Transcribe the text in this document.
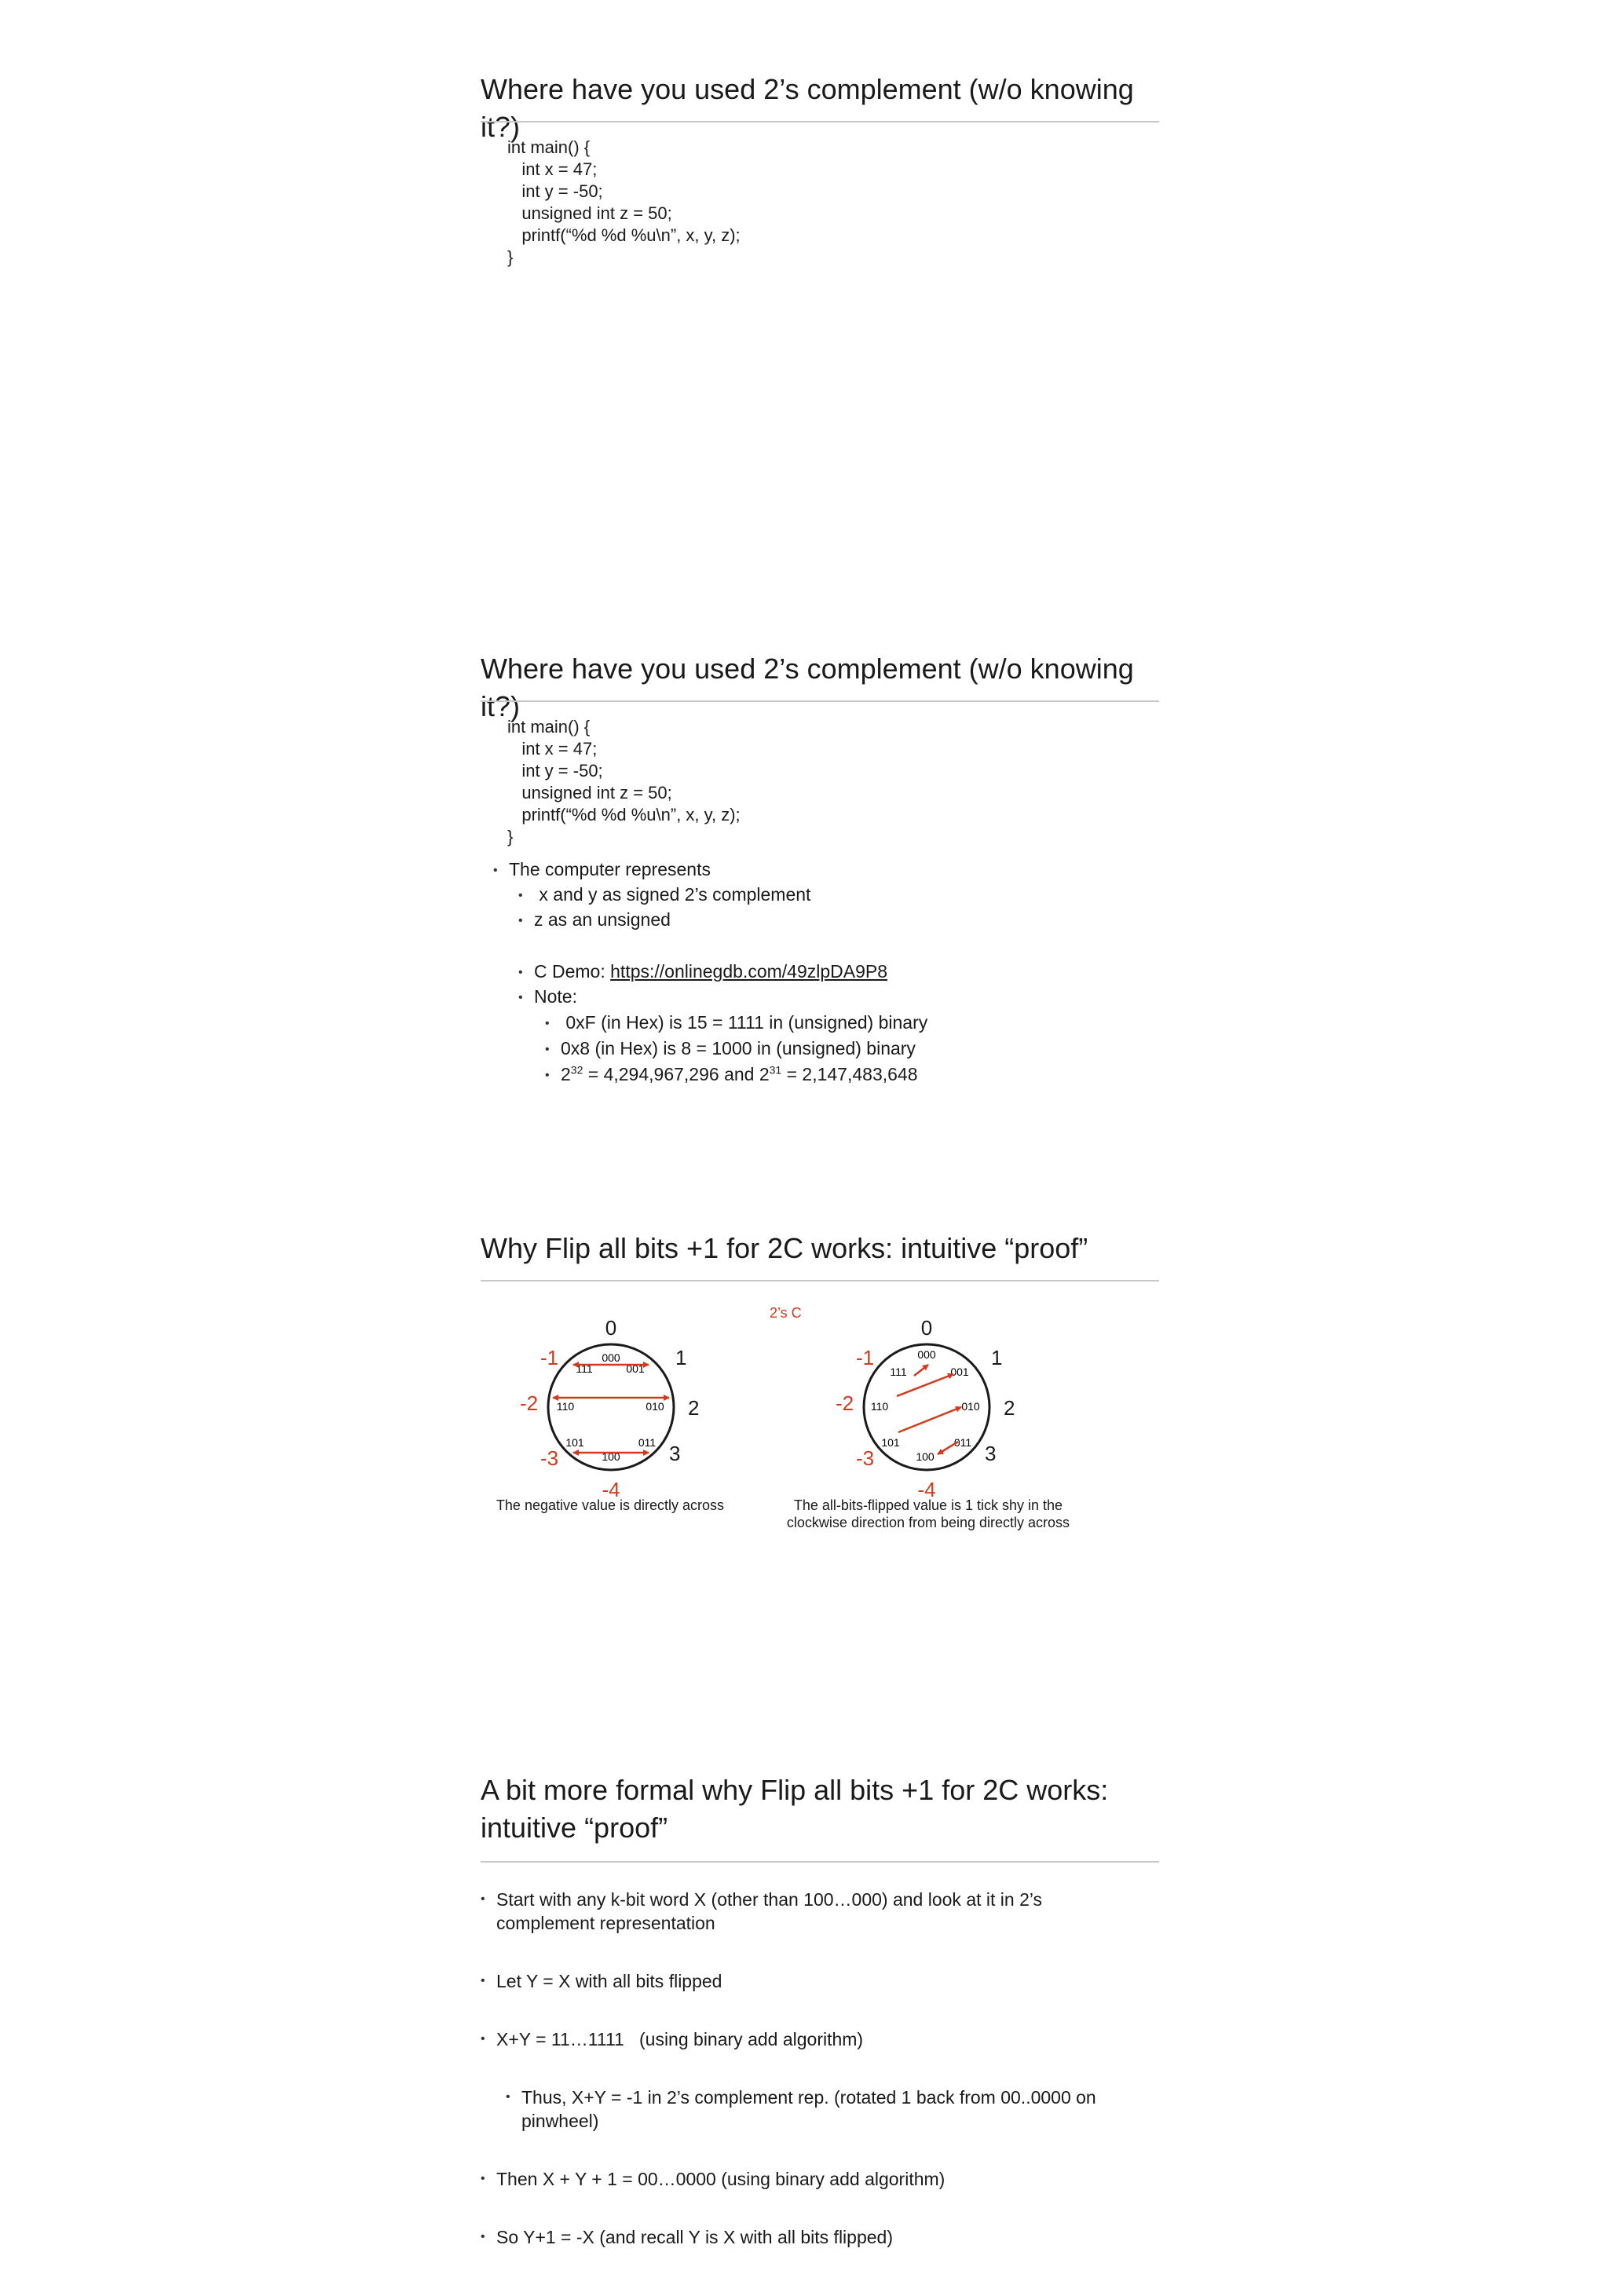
Where have you used 2’s complement (w/o knowing it?)
int main() {
int x = 47;
int y = -50;
unsigned int z = 50;
printf(“%d %d %u\n”, x, y, z);
}
Where have you used 2’s complement (w/o knowing it?)
int main() {
int x = 47;
int y = -50;
unsigned int z = 50;
printf(“%d %d %u\n”, x, y, z);
}
• The computer represents
• x and y as signed 2’s complement
• z as an unsigned
• C Demo: https://onlinegdb.com/49zlpDA9P8
• Note:
• 0xF (in Hex) is 15 = 1111 in (unsigned) binary
• 0x8 (in Hex) is 8 = 1000 in (unsigned) binary
• $2^{32} = 4,294,967,296$ and $2^{31} = 2,147,483,648$
Why Flip all bits +1 for 2C works: intuitive “proof”
2’s C
0
1
2
3
-1
-2
-3
-4
000
001
010
011
100
101
110
111
0
1
2
3
-1
-2
-3
-4
000
001
010
011
100
101
110
111
The negative value is directly across	The all-bits-flipped value is 1 tick shy in the
clockwise direction from being directly across
A bit more formal why Flip all bits +1 for 2C works:
intuitive “proof”
• Start with any k-bit word X (other than 100…000) and look at it in 2’s complement representation
• Let Y = X with all bits flipped
• X+Y = 11…1111   (using binary add algorithm)
• Thus, X+Y = -1 in 2’s complement rep. (rotated 1 back from 00..0000 on pinwheel)
• Then X + Y + 1 = 00…0000 (using binary add algorithm)
• So Y+1 = -X (and recall Y is X with all bits flipped)
